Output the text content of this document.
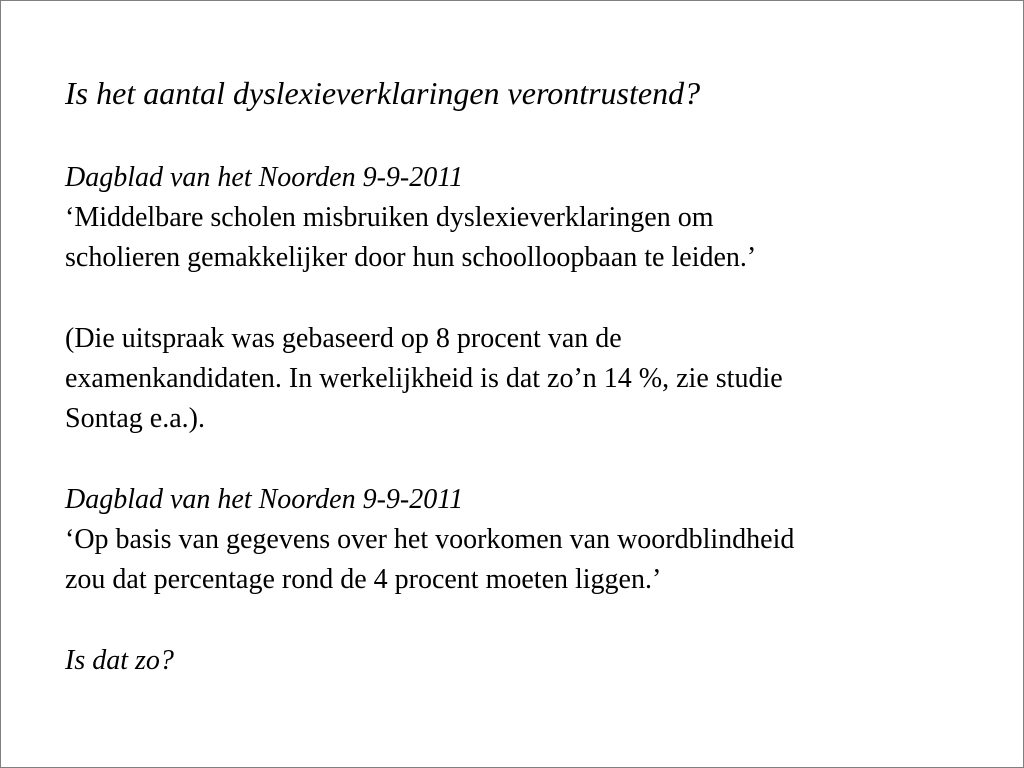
Is het aantal dyslexieverklaringen verontrustend?
Dagblad van het Noorden 9-9-2011
‘Middelbare scholen misbruiken dyslexieverklaringen om
scholieren gemakkelijker door hun schoolloopbaan te leiden.’
(Die uitspraak was gebaseerd op 8 procent van de
examenkandidaten. In werkelijkheid is dat zo’n 14 %, zie studie
Sontag e.a.).
Dagblad van het Noorden 9-9-2011
‘Op basis van gegevens over het voorkomen van woordblindheid
zou dat percentage rond de 4 procent moeten liggen.’
Is dat zo?
